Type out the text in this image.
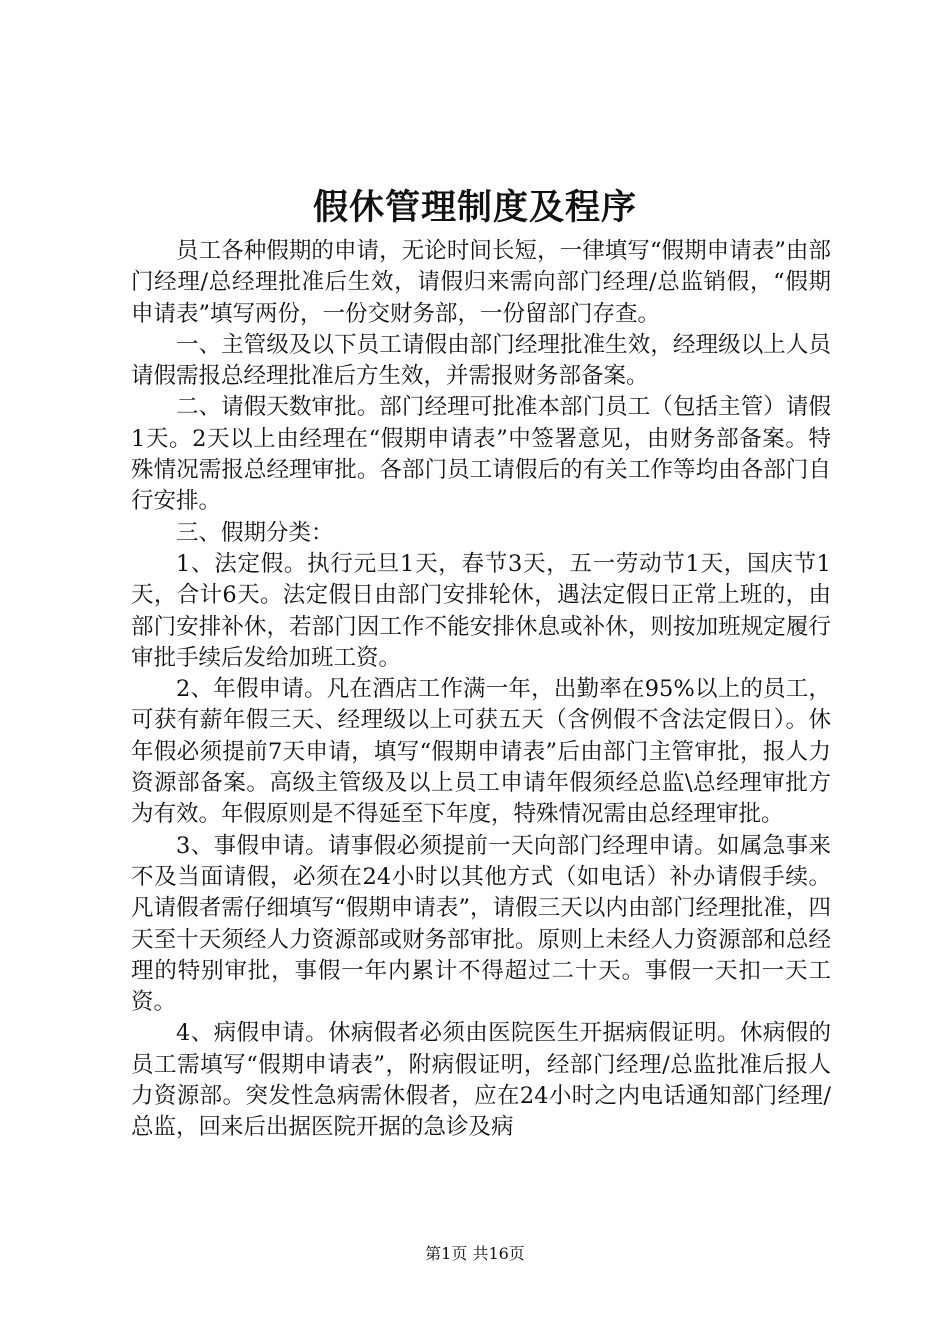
假休管理制度及程序

员工各种假期的申请，无论时间长短，一律填写“假期申请表”由部门经理/总经理批准后生效，请假归来需向部门经理/总监销假，“假期申请表”填写两份，一份交财务部，一份留部门存查。

一、主管级及以下员工请假由部门经理批准生效，经理级以上人员请假需报总经理批准后方生效，并需报财务部备案。

二、请假天数审批。部门经理可批准本部门员工（包括主管）请假1天。2天以上由经理在“假期申请表”中签署意见，由财务部备案。特殊情况需报总经理审批。各部门员工请假后的有关工作等均由各部门自行安排。

三、假期分类：

1、法定假。执行元旦1天，春节3天，五一劳动节1天，国庆节1天，合计6天。法定假日由部门安排轮休，遇法定假日正常上班的，由部门安排补休，若部门因工作不能安排休息或补休，则按加班规定履行审批手续后发给加班工资。

2、年假申请。凡在酒店工作满一年，出勤率在95%以上的员工，可获有薪年假三天、经理级以上可获五天（含例假不含法定假日）。休年假必须提前7天申请，填写“假期申请表”后由部门主管审批，报人力资源部备案。高级主管级及以上员工申请年假须经总监\总经理审批方为有效。年假原则是不得延至下年度，特殊情况需由总经理审批。

3、事假申请。请事假必须提前一天向部门经理申请。如属急事来不及当面请假，必须在24小时以其他方式（如电话）补办请假手续。凡请假者需仔细填写“假期申请表”，请假三天以内由部门经理批准，四天至十天须经人力资源部或财务部审批。原则上未经人力资源部和总经理的特别审批，事假一年内累计不得超过二十天。事假一天扣一天工资。

4、病假申请。休病假者必须由医院医生开据病假证明。休病假的员工需填写“假期申请表”，附病假证明，经部门经理/总监批准后报人力资源部。突发性急病需休假者，应在24小时之内电话通知部门经理/总监，回来后出据医院开据的急诊及病

第1页 共16页
